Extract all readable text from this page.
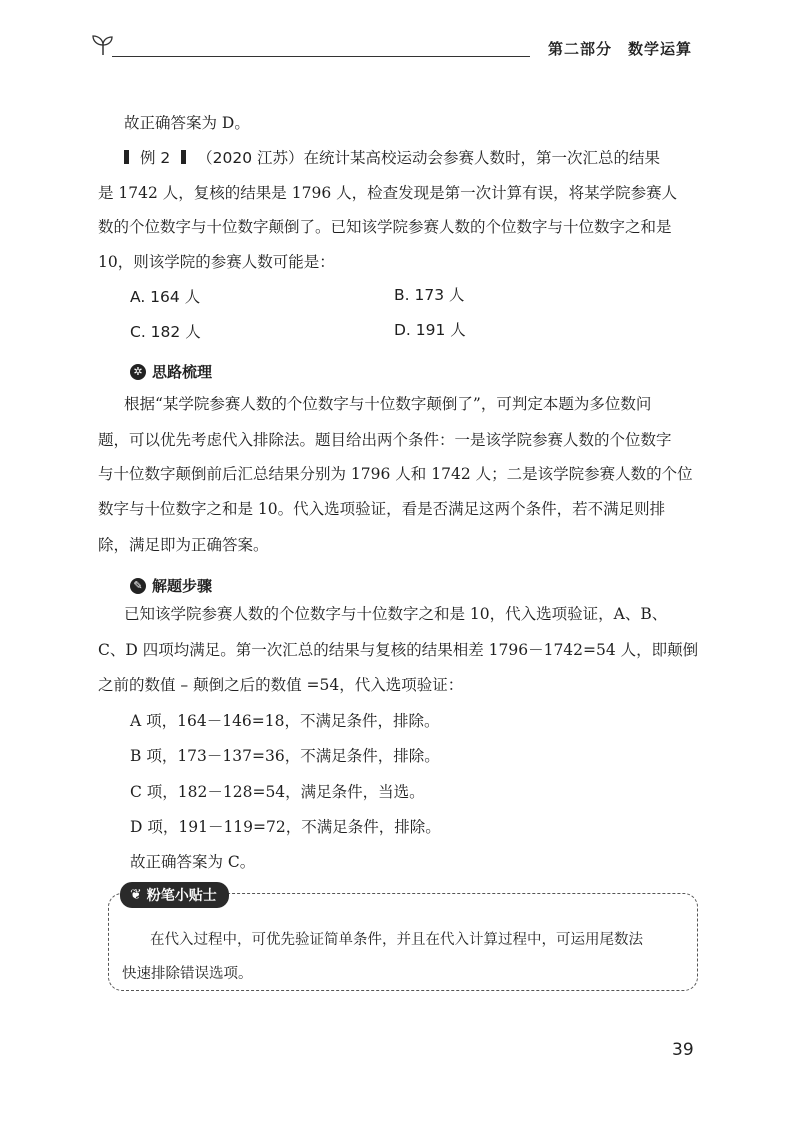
第二部分　数学运算
故正确答案为 D。
例 2 （2020 江苏）在统计某高校运动会参赛人数时，第一次汇总的结果
是 1742 人，复核的结果是 1796 人，检查发现是第一次计算有误，将某学院参赛人
数的个位数字与十位数字颠倒了。已知该学院参赛人数的个位数字与十位数字之和是
10，则该学院的参赛人数可能是：
A. 164 人	B. 173 人
C. 182 人	D. 191 人
✲ 思路梳理
根据“某学院参赛人数的个位数字与十位数字颠倒了”，可判定本题为多位数问
题，可以优先考虑代入排除法。题目给出两个条件：一是该学院参赛人数的个位数字
与十位数字颠倒前后汇总结果分别为 1796 人和 1742 人；二是该学院参赛人数的个位
数字与十位数字之和是 10。代入选项验证，看是否满足这两个条件，若不满足则排
除，满足即为正确答案。
✎ 解题步骤
已知该学院参赛人数的个位数字与十位数字之和是 10，代入选项验证，A、B、
C、D 四项均满足。第一次汇总的结果与复核的结果相差 1796－1742=54 人，即颠倒
之前的数值 – 颠倒之后的数值 =54，代入选项验证：
A 项，164－146=18，不满足条件，排除。
B 项，173－137=36，不满足条件，排除。
C 项，182－128=54，满足条件，当选。
D 项，191－119=72，不满足条件，排除。
故正确答案为 C。
❦ 粉笔小贴士
在代入过程中，可优先验证简单条件，并且在代入计算过程中，可运用尾数法
快速排除错误选项。
39
